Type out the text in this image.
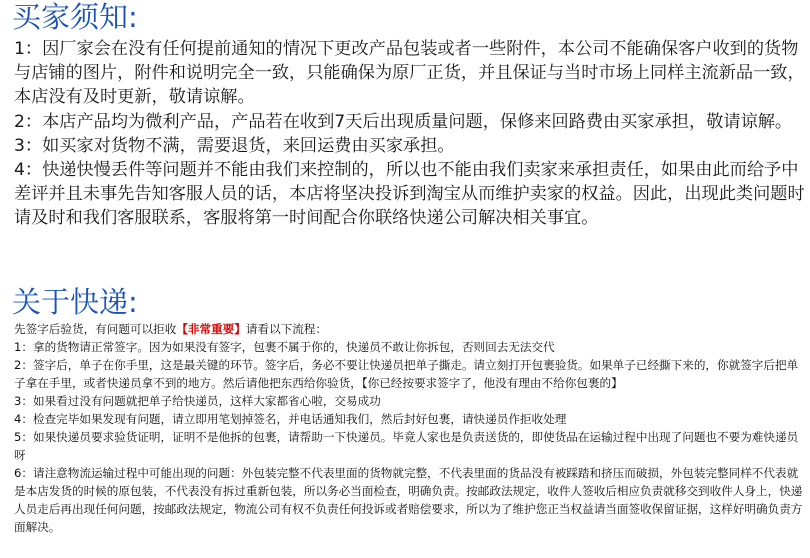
买家须知:

1：因厂家会在没有任何提前通知的情况下更改产品包装或者一些附件，本公司不能确保客户收到的货物与店铺的图片，附件和说明完全一致，只能确保为原厂正货，并且保证与当时市场上同样主流新品一致，本店没有及时更新，敬请谅解。

2：本店产品均为微利产品，产品若在收到7天后出现质量问题，保修来回路费由买家承担，敬请谅解。

3：如买家对货物不满，需要退货，来回运费由买家承担。

4：快递快慢丢件等问题并不能由我们来控制的，所以也不能由我们卖家来承担责任，如果由此而给予中差评并且未事先告知客服人员的话，本店将坚决投诉到淘宝从而维护卖家的权益。因此，出现此类问题时请及时和我们客服联系，客服将第一时间配合你联络快递公司解决相关事宜。

关于快递:

先签字后验货，有问题可以拒收【非常重要】请看以下流程：

1：拿的货物请正常签字。因为如果没有签字，包裹不属于你的，快递员不敢让你拆包，否则回去无法交代

2：签字后，单子在你手里，这是最关键的环节。签字后，务必不要让快递员把单子撕走。请立刻打开包裹验货。如果单子已经撕下来的，你就签字后把单子拿在手里，或者快递员拿不到的地方。然后请他把东西给你验货，【你已经按要求签字了，他没有理由不给你包裹的】

3：如果看过没有问题就把单子给快递员，这样大家都省心啦，交易成功

4：检查完毕如果发现有问题，请立即用笔划掉签名，并电话通知我们，然后封好包裹，请快递员作拒收处理

5：如果快递员要求验货证明，证明不是他拆的包裹，请帮助一下快递员。毕竟人家也是负责送货的，即使货品在运输过程中出现了问题也不要为难快递员呀

6：请注意物流运输过程中可能出现的问题：外包装完整不代表里面的货物就完整，不代表里面的货品没有被踩踏和挤压而破损，外包装完整同样不代表就是本店发货的时候的原包装，不代表没有拆过重新包装，所以务必当面检查，明确负责。按邮政法规定，收件人签收后相应负责就移交到收件人身上，快递人员走后再出现任何问题，按邮政法规定，物流公司有权不负责任何投诉或者赔偿要求，所以为了维护您正当权益请当面签收保留证据，这样好明确负责方面解决。
